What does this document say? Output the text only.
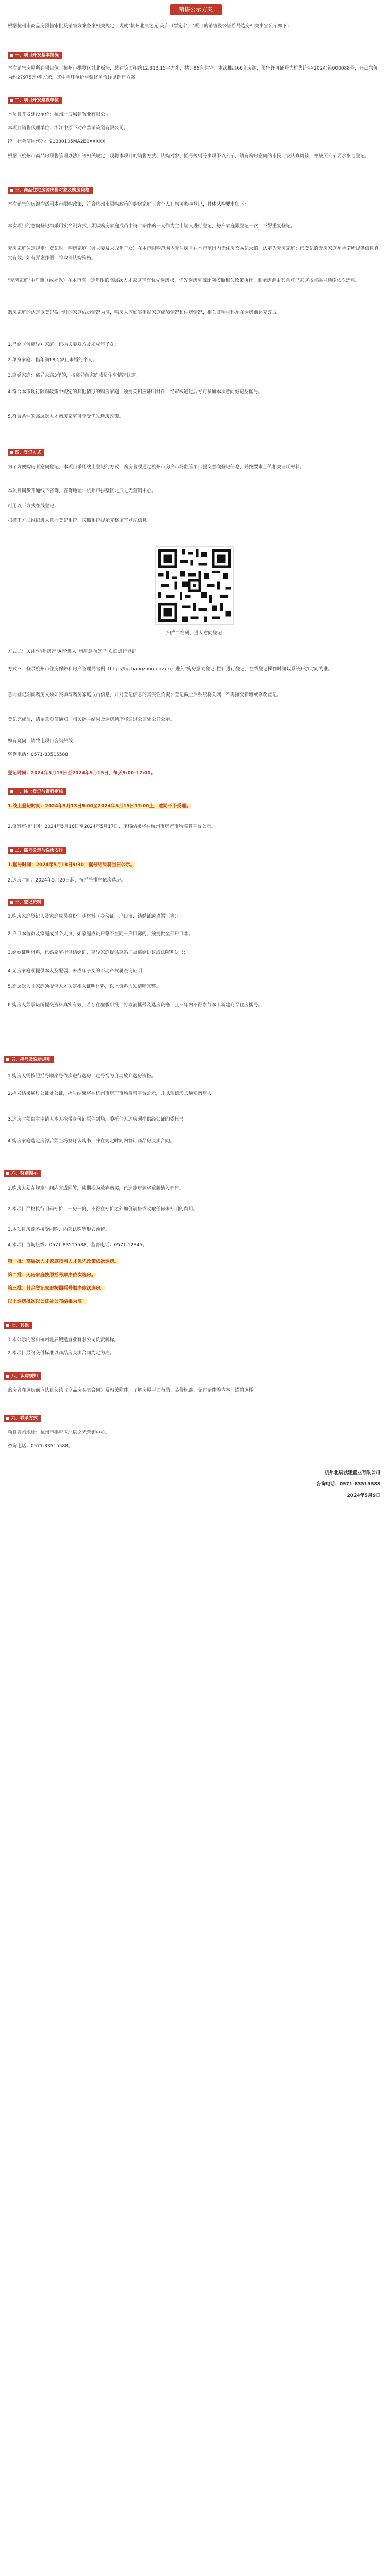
销售公示方案
根据杭州市商品房预售审批及销售方案备案相关规定，现就"杭州北辰之光·美庐（暂定名）"项目的销售及公证摇号选房相关事宜公示如下：
一、项目开发基本情况
本次销售房屋所在项目位于杭州市拱墅区城北板块，总建筑面积约12,313.15平方米，共计86套住宅，本次推出66套房源，预售许可证号为杭售许字(2024)第000088号，开盘均价为约27975元/平方米，其中毛坯单价与装修单价详见销售方案。
二、项目开发建设单位
本项目开发建设单位：杭州北辰城建置业有限公司。
本项目销售代理单位：浙江中原不动产营销策划有限公司。
统一社会信用代码：91330105MA2B0XXXXX
根据《杭州市商品房预售管理办法》等相关规定，现将本项目的销售方式、认购对象、摇号规则等事项予以公示，请有购房意向的市民朋友认真阅读，并按照公示要求参与登记。
三、商品住宅房源出售对象及购房资格
本次销售的房源均适用本市限购政策，符合杭州市限购政策的购房家庭（含个人）均可参与登记，具体认购要求如下：
本次项目的意向登记均采用实名制方式，须以购房家庭成员中符合条件的一人作为主申请人进行登记，每户家庭限登记一次，不得重复登记。
无房家庭认定规则：登记时，购房家庭（含夫妻及未成年子女）在本市限购范围内无住房且在本市范围内无住房交易记录的，认定为无房家庭；已登记的无房家庭须承诺所提供信息真实有效，如有弄虚作假，将取消认购资格。
"无房家庭"中户籍（或社保）在本市满一定年限的高层次人才家庭享有优先选房权，优先选房房源比例按照相关政策执行，剩余房源由其余登记家庭按照摇号顺序依次选购。
购房家庭的认定以登记截止时的家庭成员情况为准，购房人应如实申报家庭成员情况和住房情况，相关证明材料须在选房前补充完成。
1.已婚（含离异）家庭：包括夫妻双方及未成年子女；
2.单身家庭：指年满18周岁且未婚的个人；
3.离婚家庭：离异未满3年的，按离异前家庭成员住房情况认定；
4.符合本市现行限购政策中规定的其他情形的购房家庭，须提交相应证明材料，经审核通过后方可参加本次意向登记及摇号。
5.符合条件的高层次人才购房家庭可享受优先选房政策。
四、登记方式
为了方便购房者意向登记，本项目采用线上登记的方式，购房者须通过杭州市房产市场监管平台提交意向登记信息，并按要求上传相关证明材料。
本项目同步开通线下咨询，咨询地址：杭州市拱墅区北辰之光营销中心。
可用以下方式在线登记：
扫描下方二维码进入意向登记系统，按照系统提示完整填写登记信息。
扫描二维码，进入意向登记
方式二：关注"杭州房产"APP进入"购房意向登记"页面进行登记。
方式三：登录杭州市住房保障和房产管理局官网（http://fgj.hangzhou.gov.cn）进入"购房意向登记"栏目进行登记，在线登记操作时间以系统开放时间为准。
意向登记期间购房人须如实填写购房家庭成员信息，并对登记信息的真实性负责；登记截止后系统将关闭，不再接受新增或修改登记。
登记完成后，请留意短信通知，相关摇号结果及选房顺序将通过公证处公开公示。
如有疑问，请致电项目咨询热线：
咨询电话：0571-83515588
登记时间：2024年5月13日至2024年5月15日，每天9:00-17:00。
一、线上登记与资料审核
1.线上登记时间：2024年5月13日9:00至2024年5月15日17:00止，逾期不予受理。
2.资料审核时间：2024年5月16日至2024年5月17日，审核结果将在杭州市房产市场监管平台公示。
二、摇号公示与选房安排
1.摇号时间：2024年5月18日9:30，摇号结果将当日公示。
2.选房时间：2024年5月20日起，按摇号排序依次选房。
三、登记资料
1.购房家庭登记人及家庭成员身份证明材料（身份证、户口簿、结婚证或离婚证等）；
2.户口本首页及家庭成员个人页，如家庭成员户籍不在同一户口簿的，须提供全部户口本；
3.婚姻证明材料，已婚家庭提供结婚证，离异家庭提供离婚证及离婚协议或法院判决书；
4.无房家庭须提供本人及配偶、未成年子女的不动产权属查询证明；
5.高层次人才家庭须提供人才认定相关证明材料，以上资料均须清晰完整。
6.购房人须承诺所提交资料真实有效，若存在虚假申报，将取消摇号及选房资格，且三年内不得参与本市新建商品住房摇号。
五、摇号及选房规则
1.购房人需按照摇号顺序号依次进行选房，过号视为自动放弃选房资格。
2.摇号结果通过公证处公证，摇号结果将在杭州市房产市场监管平台公示，并以短信形式通知购房人。
3.选房时须由主申请人本人携带身份证原件到场，委托他人选房须提供经公证的委托书。
4.购房家庭选定房源后须当场签订认购书，并在规定时间内签订商品房买卖合同。
六、特别提示
1.购房人须在规定时间内完成网签，逾期视为放弃购买，已选定房源将重新纳入销售。
2.本项目严格执行明码标价，一房一价，不得在标价之外加价销售或收取任何未标明的费用。
3.本项目房源不接受团购、内部认购等形式预留。
4.本项目咨询热线：0571-83515588，监督电话：0571-12345。
第一批：高层次人才家庭按照人才优先政策依次选房。
第二批：无房家庭按照摇号顺序依次选房。
第三批：其余登记家庭按照摇号顺序依次选房。
以上选房批次以公证处公布结果为准。
七、其他
1.本公示内容由杭州北辰城建置业有限公司负责解释。
2.本项目最终交付标准以商品房买卖合同约定为准。
八、认购须知
购房者在选房前应认真阅读《商品房买卖合同》及相关附件，了解房屋平面布局、装修标准、交付条件等内容，谨慎选择。
九、联系方式
项目咨询地址：杭州市拱墅区北辰之光营销中心。
咨询电话：0571-83515588。
杭州北辰城建置业有限公司
咨询电话：0571-83515588
2024年5月9日
